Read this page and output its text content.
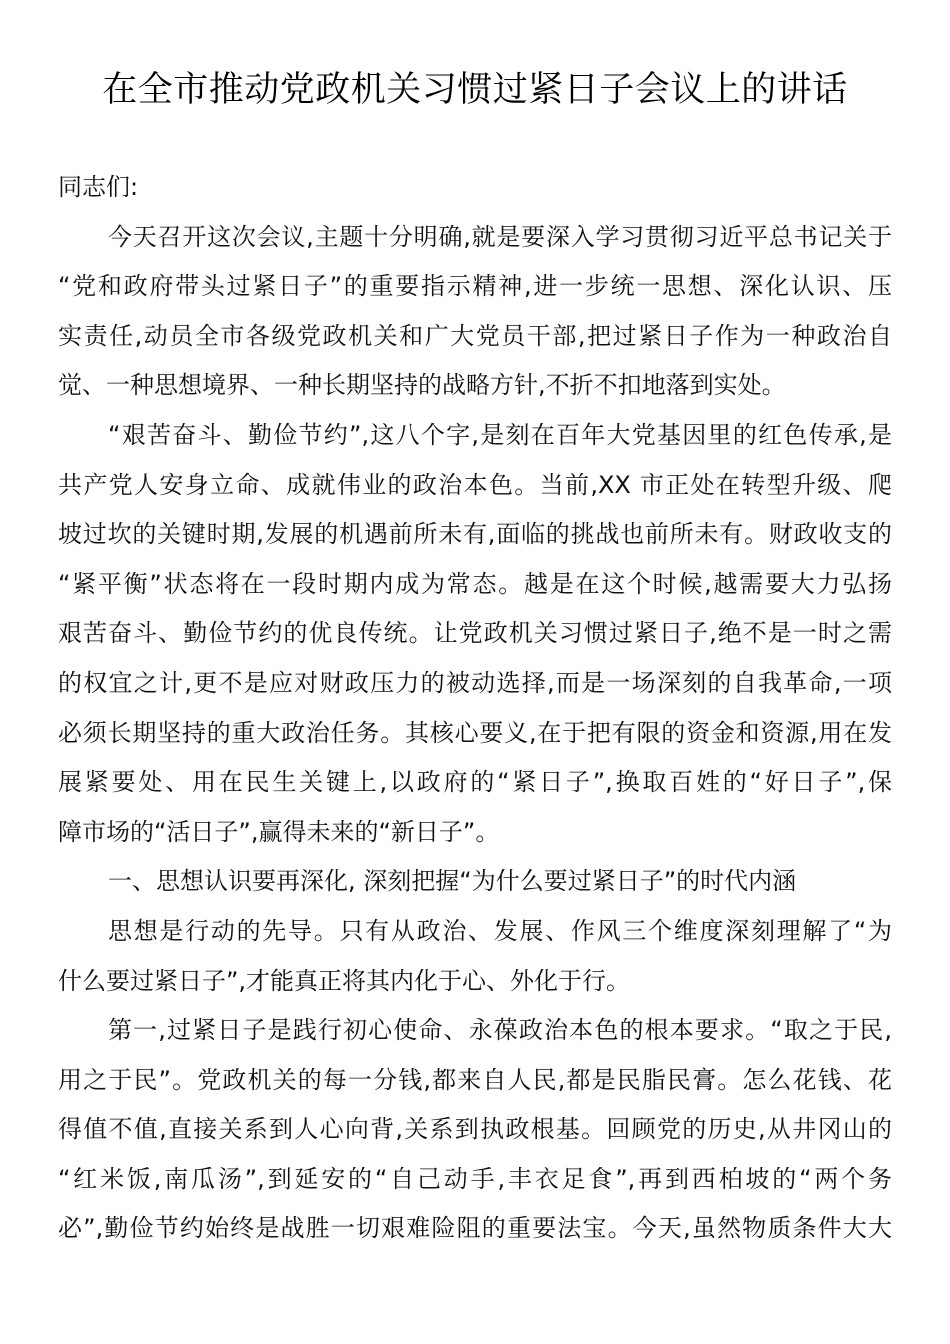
在全市推动党政机关习惯过紧日子会议上的讲话
同志们:
今天召开这次会议,主题十分明确,就是要深入学习贯彻习近平总书记关于
“党和政府带头过紧日子”的重要指示精神,进一步统一思想、深化认识、压
实责任,动员全市各级党政机关和广大党员干部,把过紧日子作为一种政治自
觉、一种思想境界、一种长期坚持的战略方针,不折不扣地落到实处。
“艰苦奋斗、勤俭节约”,这八个字,是刻在百年大党基因里的红色传承,是
共产党人安身立命、成就伟业的政治本色。当前,XX 市正处在转型升级、爬
坡过坎的关键时期,发展的机遇前所未有,面临的挑战也前所未有。财政收支的
“紧平衡”状态将在一段时期内成为常态。越是在这个时候,越需要大力弘扬
艰苦奋斗、勤俭节约的优良传统。让党政机关习惯过紧日子,绝不是一时之需
的权宜之计,更不是应对财政压力的被动选择,而是一场深刻的自我革命,一项
必须长期坚持的重大政治任务。其核心要义,在于把有限的资金和资源,用在发
展紧要处、用在民生关键上,以政府的“紧日子”,换取百姓的“好日子”,保
障市场的“活日子”,赢得未来的“新日子”。
一、思想认识要再深化, 深刻把握“为什么要过紧日子”的时代内涵
思想是行动的先导。只有从政治、发展、作风三个维度深刻理解了“为
什么要过紧日子”,才能真正将其内化于心、外化于行。
第一,过紧日子是践行初心使命、永葆政治本色的根本要求。“取之于民,
用之于民”。党政机关的每一分钱,都来自人民,都是民脂民膏。怎么花钱、花
得值不值,直接关系到人心向背,关系到执政根基。回顾党的历史,从井冈山的
“红米饭,南瓜汤”,到延安的“自己动手,丰衣足食”,再到西柏坡的“两个务
必”,勤俭节约始终是战胜一切艰难险阻的重要法宝。今天,虽然物质条件大大
